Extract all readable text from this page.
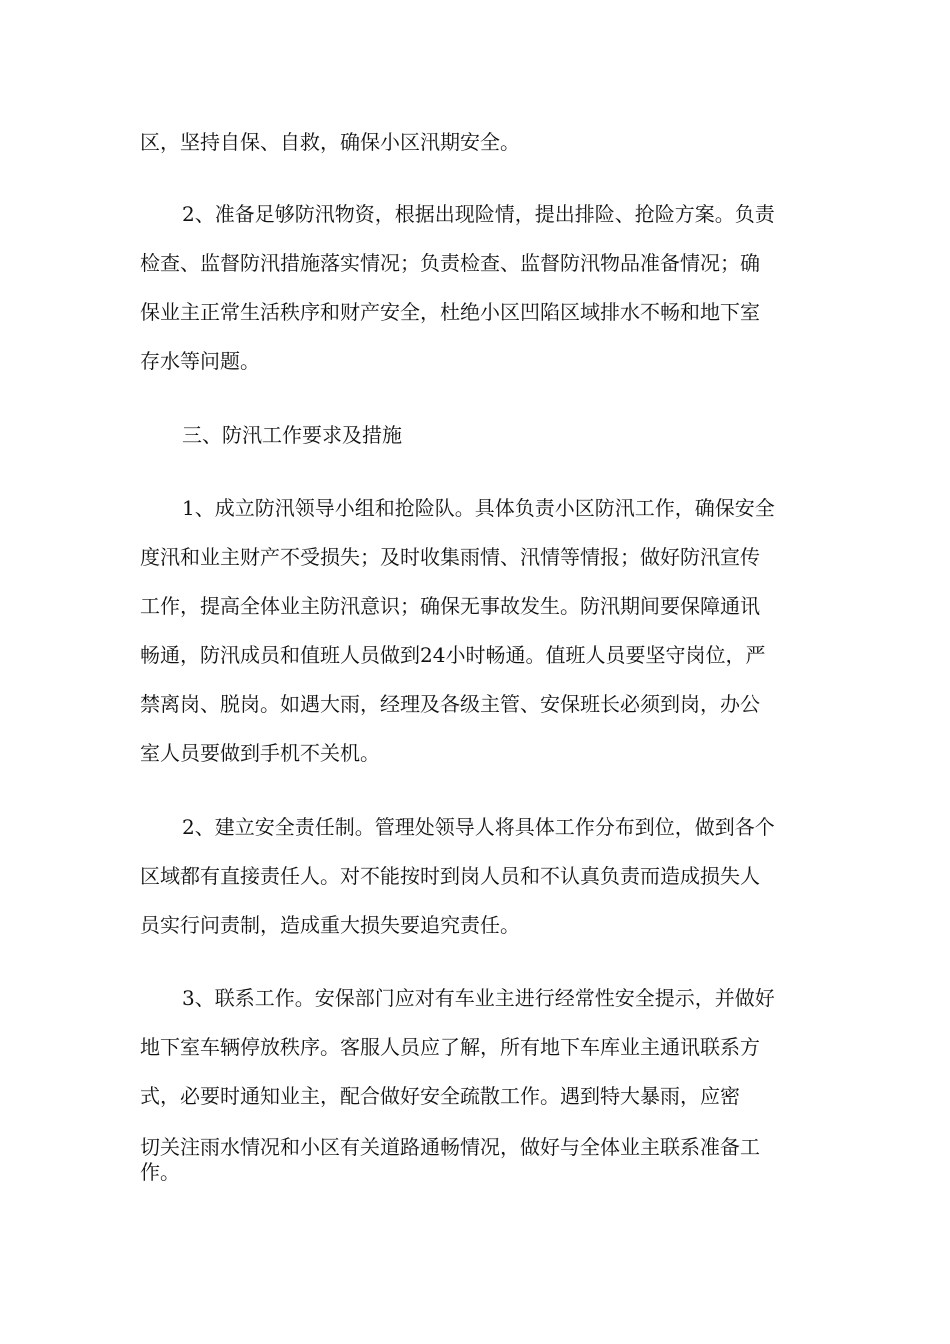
区，坚持自保、自救，确保小区汛期安全。
2、准备足够防汛物资，根据出现险情，提出排险、抢险方案。负责
检查、监督防汛措施落实情况；负责检查、监督防汛物品准备情况；确
保业主正常生活秩序和财产安全，杜绝小区凹陷区域排水不畅和地下室
存水等问题。
三、防汛工作要求及措施
1、成立防汛领导小组和抢险队。具体负责小区防汛工作，确保安全
度汛和业主财产不受损失；及时收集雨情、汛情等情报；做好防汛宣传
工作，提高全体业主防汛意识；确保无事故发生。防汛期间要保障通讯
畅通，防汛成员和值班人员做到24小时畅通。值班人员要坚守岗位，严
禁离岗、脱岗。如遇大雨，经理及各级主管、安保班长必须到岗，办公
室人员要做到手机不关机。
2、建立安全责任制。管理处领导人将具体工作分布到位，做到各个
区域都有直接责任人。对不能按时到岗人员和不认真负责而造成损失人
员实行问责制，造成重大损失要追究责任。
3、联系工作。安保部门应对有车业主进行经常性安全提示，并做好
地下室车辆停放秩序。客服人员应了解，所有地下车库业主通讯联系方
式，必要时通知业主，配合做好安全疏散工作。遇到特大暴雨，应密
切关注雨水情况和小区有关道路通畅情况，做好与全体业主联系准备工
作。
